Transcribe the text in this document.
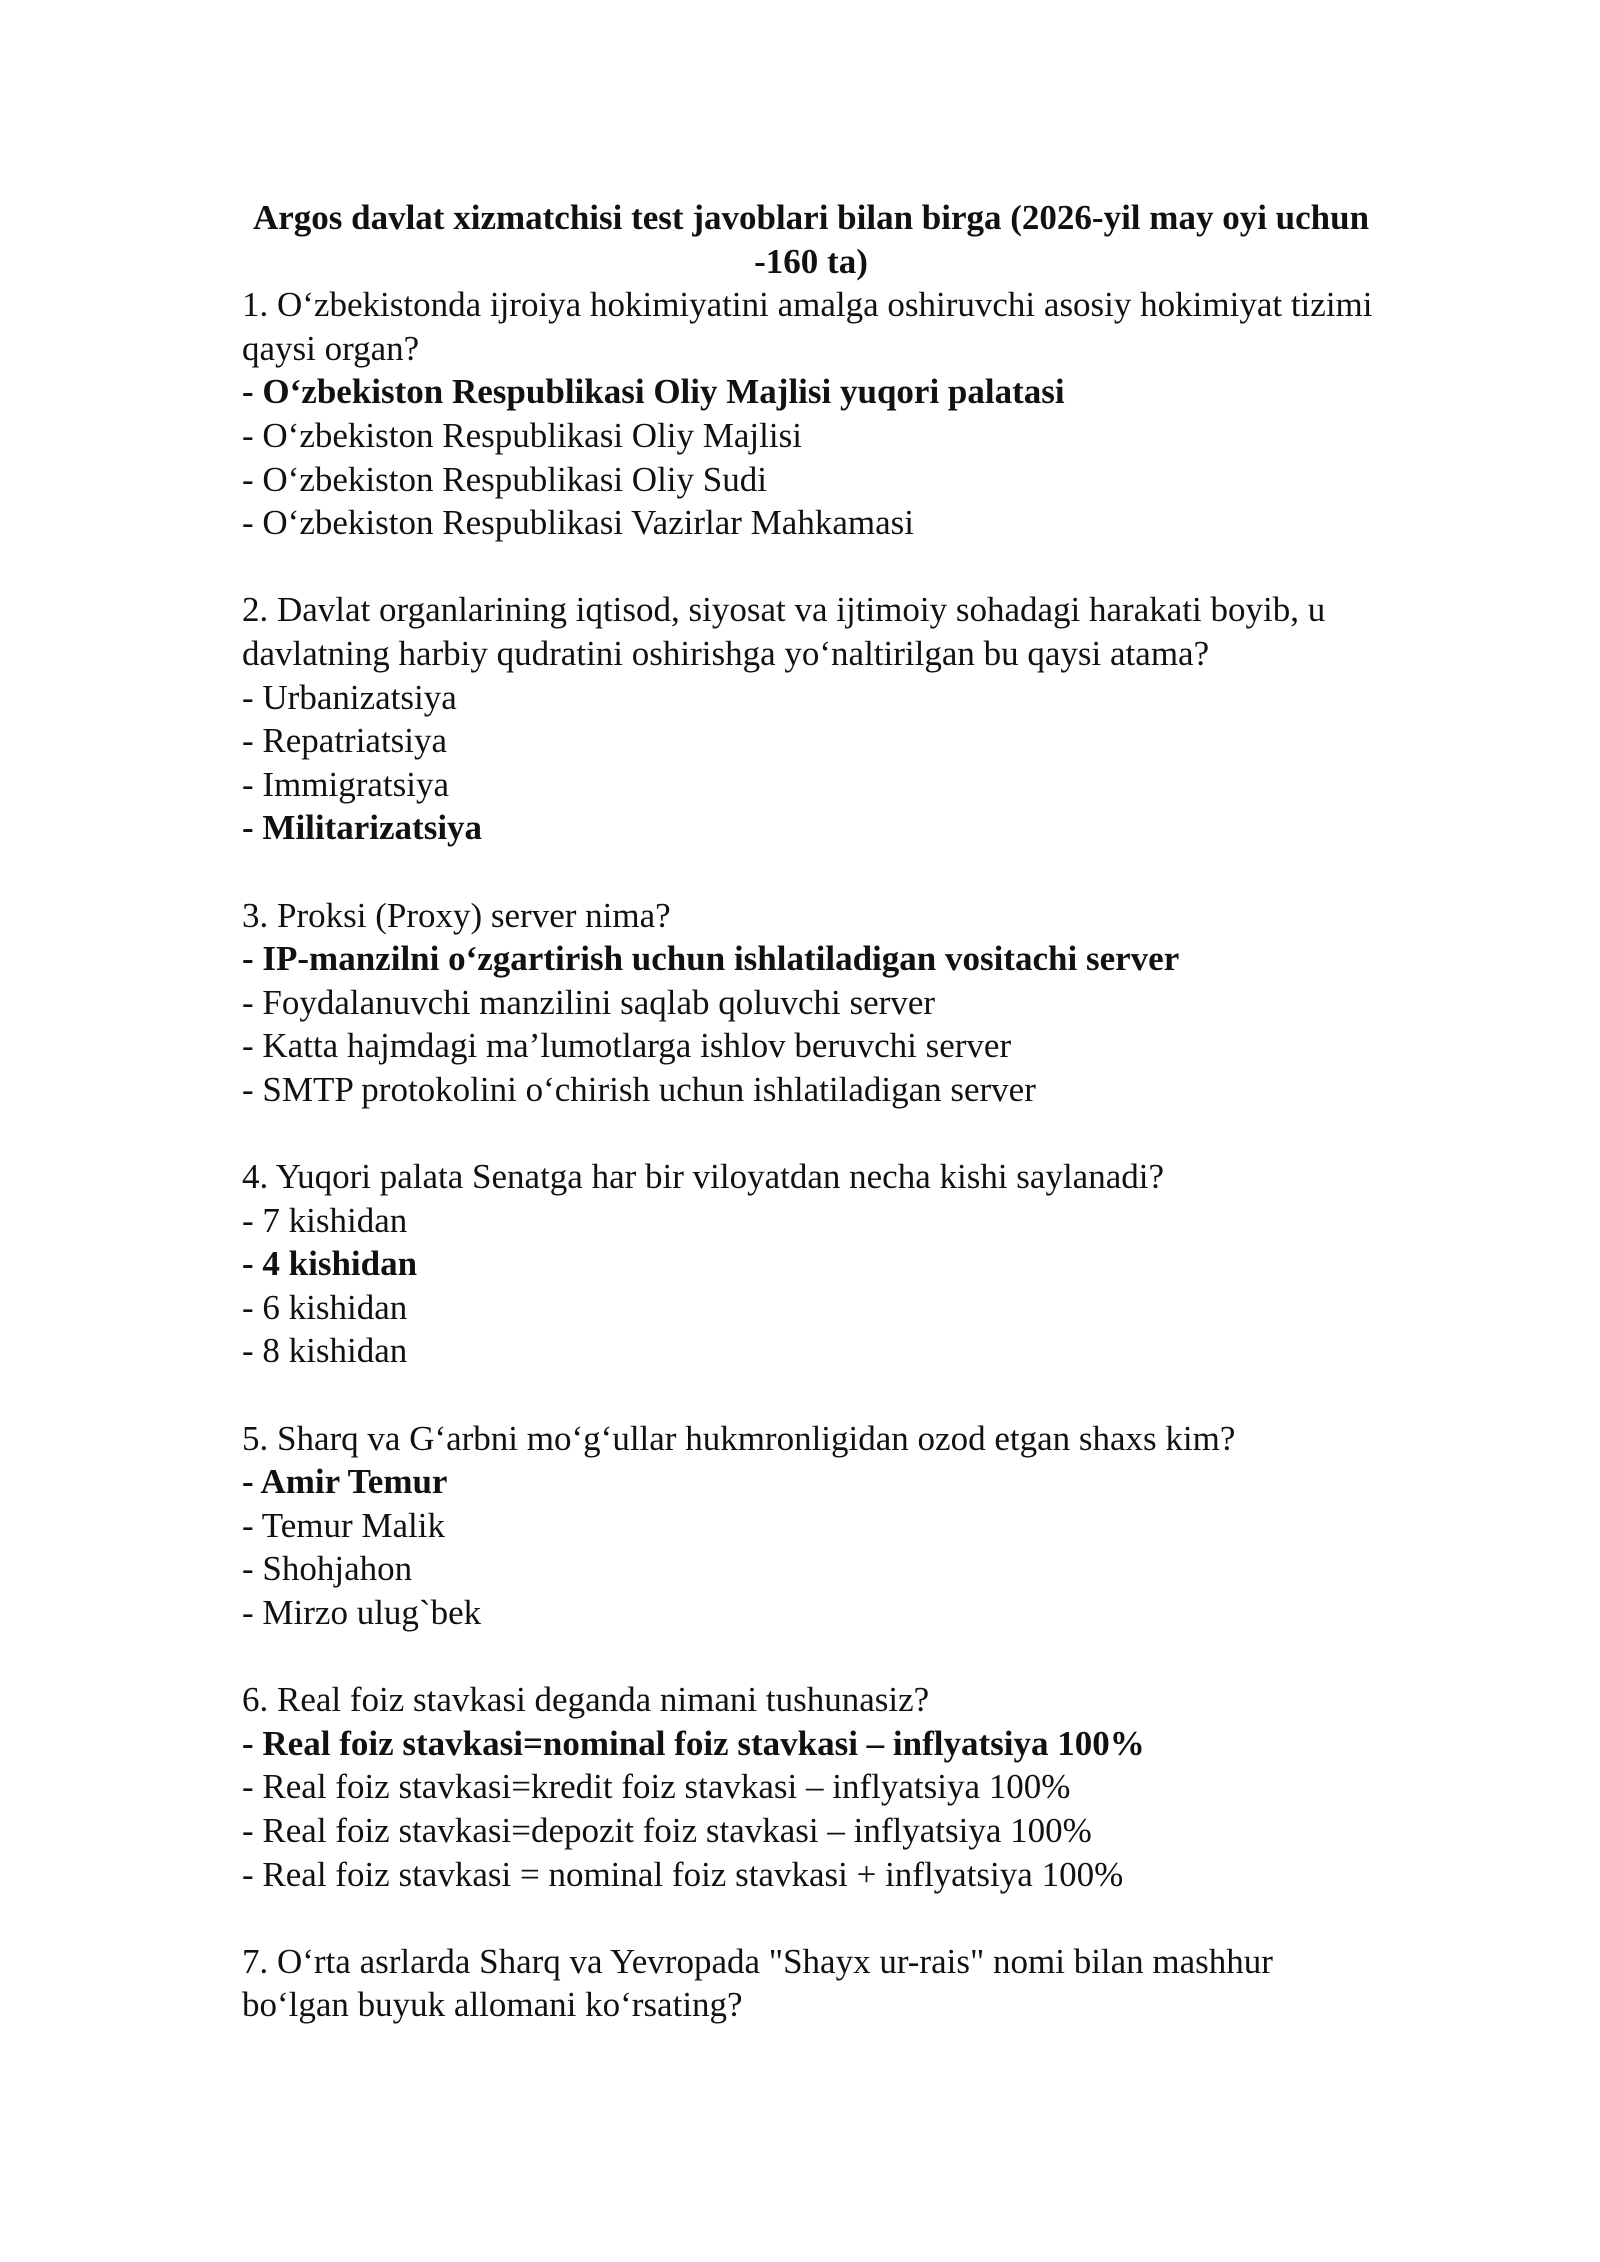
Argos davlat xizmatchisi test javoblari bilan birga (2026-yil may oyi uchun -160 ta)

1. O‘zbekistonda ijroiya hokimiyatini amalga oshiruvchi asosiy hokimiyat tizimi qaysi organ?

- O‘zbekiston Respublikasi Oliy Majlisi yuqori palatasi
- O‘zbekiston Respublikasi Oliy Majlisi
- O‘zbekiston Respublikasi Oliy Sudi
- O‘zbekiston Respublikasi Vazirlar Mahkamasi

2. Davlat organlarining iqtisod, siyosat va ijtimoiy sohadagi harakati boyib, u davlatning harbiy qudratini oshirishga yo‘naltirilgan bu qaysi atama?

- Urbanizatsiya
- Repatriatsiya
- Immigratsiya
- Militarizatsiya

3. Proksi (Proxy) server nima?

- IP-manzilni o‘zgartirish uchun ishlatiladigan vositachi server
- Foydalanuvchi manzilini saqlab qoluvchi server
- Katta hajmdagi ma’lumotlarga ishlov beruvchi server
- SMTP protokolini o‘chirish uchun ishlatiladigan server

4. Yuqori palata Senatga har bir viloyatdan necha kishi saylanadi?

- 7 kishidan
- 4 kishidan
- 6 kishidan
- 8 kishidan

5. Sharq va G‘arbni mo‘g‘ullar hukmronligidan ozod etgan shaxs kim?

- Amir Temur
- Temur Malik
- Shohjahon
- Mirzo ulug`bek

6. Real foiz stavkasi deganda nimani tushunasiz?

- Real foiz stavkasi=nominal foiz stavkasi – inflyatsiya 100%
- Real foiz stavkasi=kredit foiz stavkasi – inflyatsiya 100%
- Real foiz stavkasi=depozit foiz stavkasi – inflyatsiya 100%
- Real foiz stavkasi = nominal foiz stavkasi + inflyatsiya 100%

7. O‘rta asrlarda Sharq va Yevropada "Shayx ur-rais" nomi bilan mashhur bo‘lgan buyuk allomani ko‘rsating?
